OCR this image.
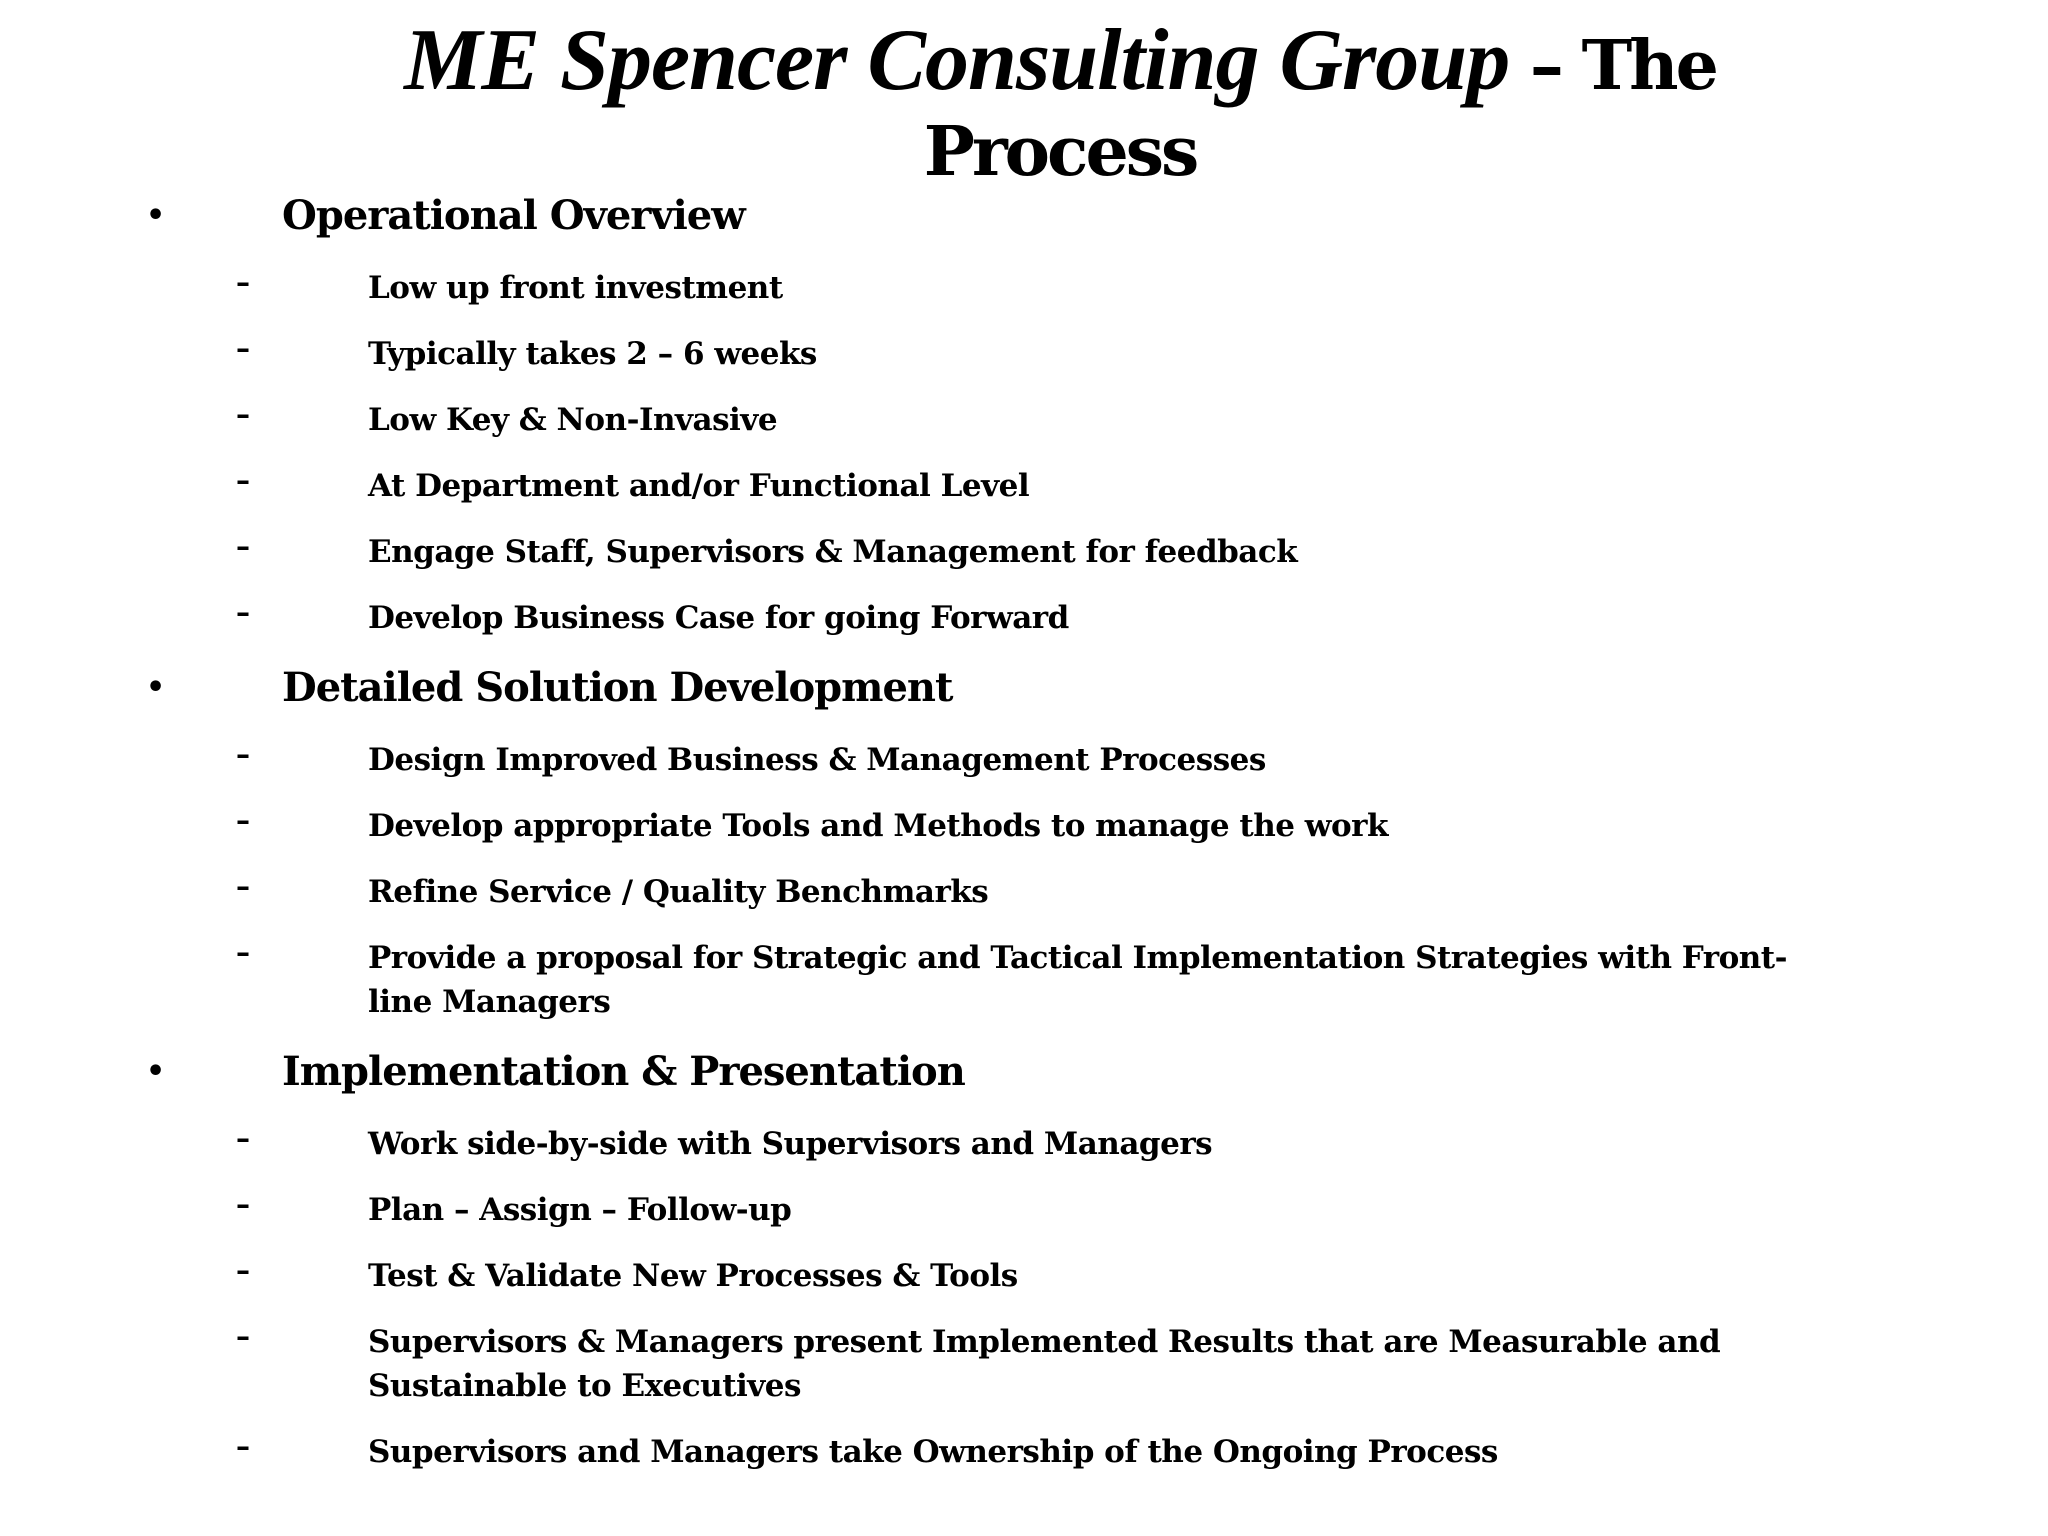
ME Spencer Consulting Group – The
Process
•	Operational Overview
–	Low up front investment
–	Typically takes 2 – 6 weeks
–	Low Key & Non-Invasive
–	At Department and/or Functional Level
–	Engage Staff, Supervisors & Management for feedback
–	Develop Business Case for going Forward
•	Detailed Solution Development
–	Design Improved Business & Management Processes
–	Develop appropriate Tools and Methods to manage the work
–	Refine Service / Quality Benchmarks
–	Provide a proposal for Strategic and Tactical Implementation Strategies with Front-line Managers
•	Implementation & Presentation
–	Work side-by-side with Supervisors and Managers
–	Plan – Assign – Follow-up
–	Test & Validate New Processes & Tools
–	Supervisors & Managers present Implemented Results that are Measurable and Sustainable to Executives
–	Supervisors and Managers take Ownership of the Ongoing Process
